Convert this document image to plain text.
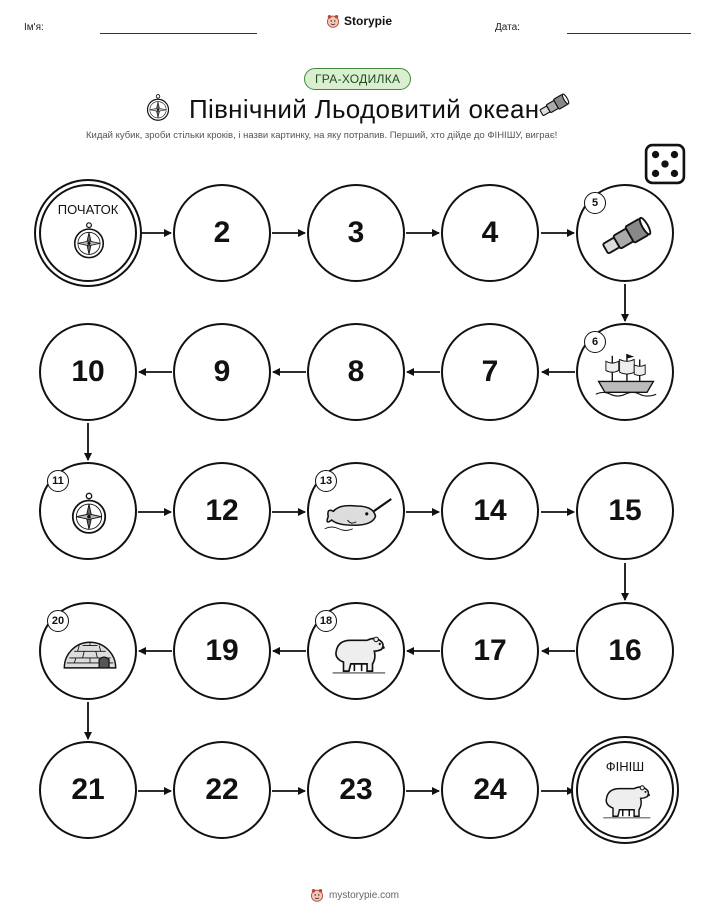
Ім'я:	Storypie	Дата:
ГРА-ХОДИЛКА
Північний Льодовитий океан
Кидай кубик, зроби стільки кроків, і назви картинку, на яку потрапив. Перший, хто дійде до ФІНІШУ, виграє!
ПОЧАТОК
2	3	4
5
6
7
8
9
10
11
12
13
14	15
16
17
18
19
20
21	22	23	24
ФІНІШ
mystorypie.com
